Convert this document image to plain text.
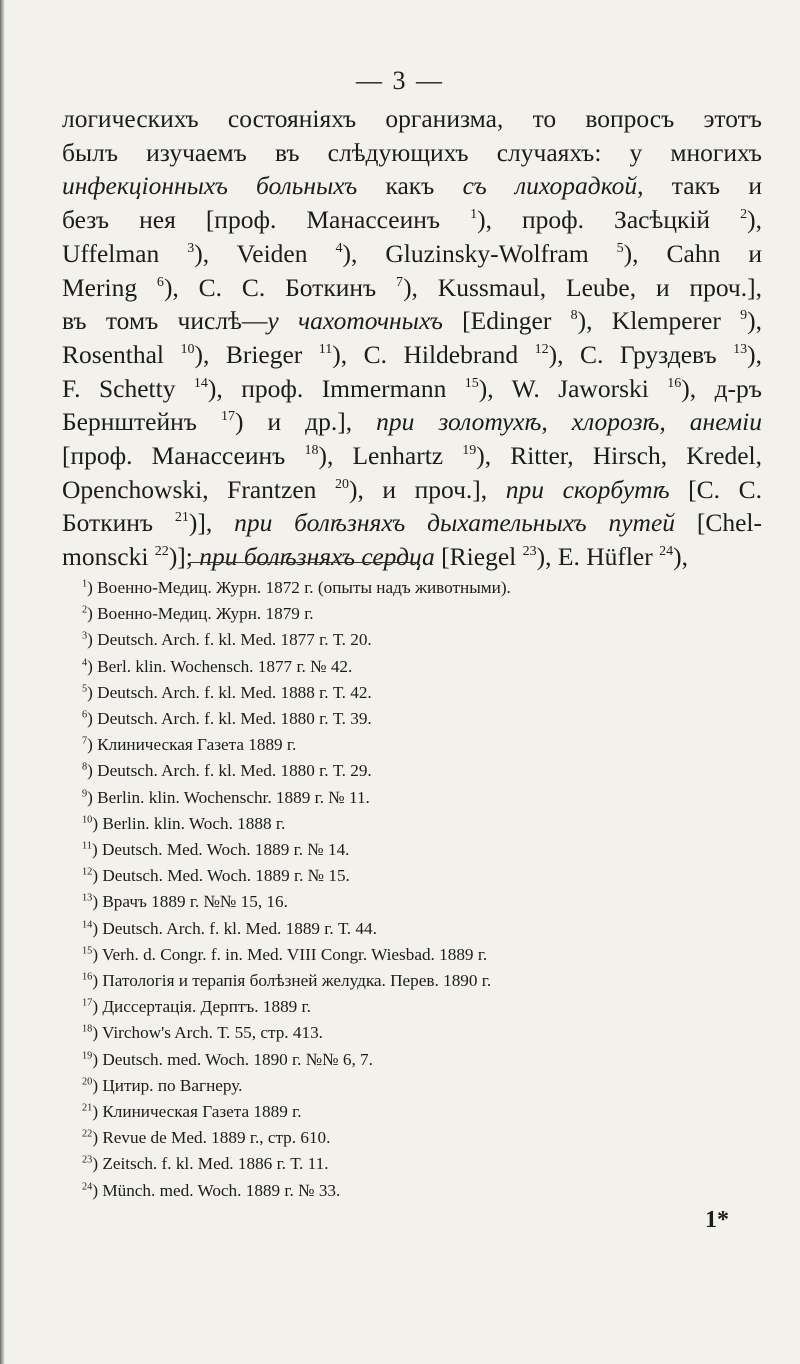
— 3 —
логическихъ состояніяхъ организма, то вопросъ этотъ
былъ изучаемъ въ слѣдующихъ случаяхъ: у многихъ
инфекціонныхъ больныхъ какъ съ лихорадкой, такъ и
безъ нея [проф. Манассеинъ $^1$), проф. Засѣцкій $^2$),
Uffelman $^3$), Veiden $^4$), Gluzinsky-Wolfram $^5$), Cahn и
Mering $^6$), С. С. Боткинъ $^7$), Kussmaul, Leube, и проч.],
въ томъ числѣ—у чахоточныхъ [Edinger $^8$), Klemperer $^9$),
Rosenthal $^{10}$), Brieger $^{11}$), C. Hildebrand $^{12}$), С. Груздевъ $^{13}$),
F. Schetty $^{14}$), проф. Immermann $^{15}$), W. Jaworski $^{16}$), д-ръ
Бернштейнъ $^{17}$) и др.], при золотухѣ, хлорозѣ, анеміи
[проф. Манассеинъ $^{18}$), Lenhartz $^{19}$), Ritter, Hirsch, Kredel,
Openchowski, Frantzen $^{20}$), и проч.], при скорбутѣ [С. С.
Боткинъ $^{21}$)], при болѣзняхъ дыхательныхъ путей [Chel-
monscki $^{22}$)]; при болѣзняхъ сердца [Riegel $^{23}$), E. Hüfler $^{24}$),
$^1$) Военно-Медиц. Журн. 1872 г. (опыты надъ животными).
$^2$) Военно-Медиц. Журн. 1879 г.
$^3$) Deutsch. Arch. f. kl. Med. 1877 г. Т. 20.
$^4$) Berl. klin. Wochensch. 1877 г. № 42.
$^5$) Deutsch. Arch. f. kl. Med. 1888 г. Т. 42.
$^6$) Deutsch. Arch. f. kl. Med. 1880 г. Т. 39.
$^7$) Клиническая Газета 1889 г.
$^8$) Deutsch. Arch. f. kl. Med. 1880 г. Т. 29.
$^9$) Berlin. klin. Wochenschr. 1889 г. № 11.
$^{10}$) Berlin. klin. Woch. 1888 г.
$^{11}$) Deutsch. Med. Woch. 1889 г. № 14.
$^{12}$) Deutsch. Med. Woch. 1889 г. № 15.
$^{13}$) Врачъ 1889 г. №№ 15, 16.
$^{14}$) Deutsch. Arch. f. kl. Med. 1889 г. Т. 44.
$^{15}$) Verh. d. Congr. f. in. Med. VIII Congr. Wiesbad. 1889 г.
$^{16}$) Патологія и терапія болѣзней желудка. Перев. 1890 г.
$^{17}$) Диссертація. Дерптъ. 1889 г.
$^{18}$) Virchow's Arch. Т. 55, стр. 413.
$^{19}$) Deutsch. med. Woch. 1890 г. №№ 6, 7.
$^{20}$) Цитир. по Вагнеру.
$^{21}$) Клиническая Газета 1889 г.
$^{22}$) Revue de Med. 1889 г., стр. 610.
$^{23}$) Zeitsch. f. kl. Med. 1886 г. Т. 11.
$^{24}$) Münch. med. Woch. 1889 г. № 33.
1*
